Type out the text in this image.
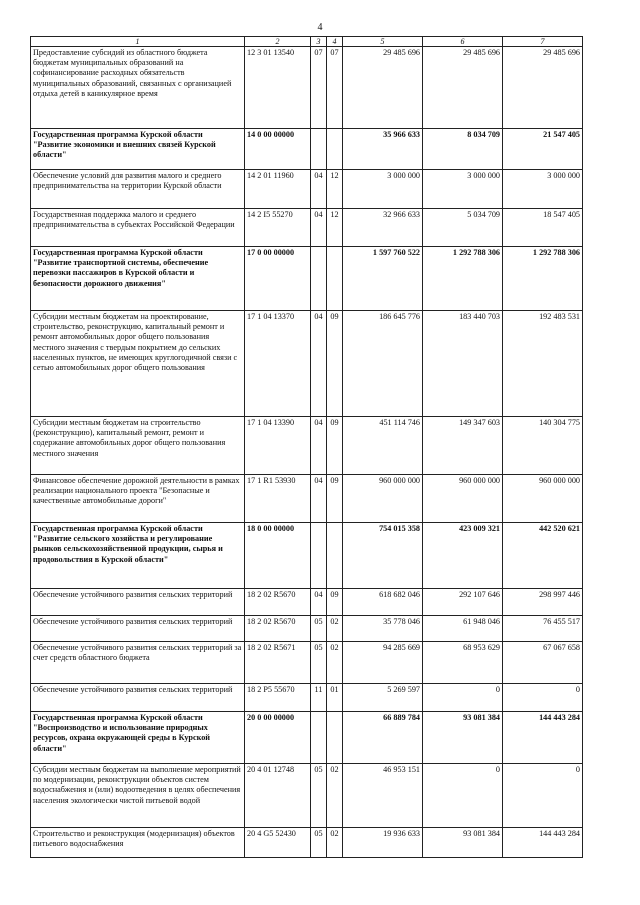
4
1	2	3	4	5	6	7
Предоставление субсидий из областного бюджета бюджетам муниципальных образований на софинансирование расходных обязательств муниципальных образований, связанных с организацией отдыха детей в каникулярное время	12 3 01 13540	07	07	29 485 696	29 485 696	29 485 696
Государственная программа Курской области "Развитие экономики и внешних связей Курской области"	14 0 00 00000			35 966 633	8 034 709	21 547 405
Обеспечение условий для развития малого и среднего предпринимательства на территории Курской области	14 2 01 11960	04	12	3 000 000	3 000 000	3 000 000
Государственная поддержка малого и среднего предпринимательства в субъектах Российской Федерации	14 2 I5 55270	04	12	32 966 633	5 034 709	18 547 405
Государственная программа Курской области "Развитие транспортной системы, обеспечение перевозки пассажиров в Курской области и безопасности дорожного движения"	17 0 00 00000			1 597 760 522	1 292 788 306	1 292 788 306
Субсидии местным бюджетам на проектирование, строительство, реконструкцию, капитальный ремонт и ремонт автомобильных дорог общего пользования местного значения с твердым покрытием до сельских населенных пунктов, не имеющих круглогодичной связи с сетью автомобильных дорог общего пользования	17 1 04 13370	04	09	186 645 776	183 440 703	192 483 531
Субсидии местным бюджетам на строительство (реконструкцию), капитальный ремонт, ремонт и содержание автомобильных дорог общего пользования местного значения	17 1 04 13390	04	09	451 114 746	149 347 603	140 304 775
Финансовое обеспечение дорожной деятельности в рамках реализации национального проекта "Безопасные и качественные автомобильные дороги"	17 1 R1 53930	04	09	960 000 000	960 000 000	960 000 000
Государственная программа Курской области "Развитие сельского хозяйства и регулирование рынков сельскохозяйственной продукции, сырья и продовольствия в Курской области"	18 0 00 00000			754 015 358	423 009 321	442 520 621
Обеспечение устойчивого развития сельских территорий	18 2 02 R5670	04	09	618 682 046	292 107 646	298 997 446
Обеспечение устойчивого развития сельских территорий	18 2 02 R5670	05	02	35 778 046	61 948 046	76 455 517
Обеспечение устойчивого развития сельских территорий за счет средств областного бюджета	18 2 02 R5671	05	02	94 285 669	68 953 629	67 067 658
Обеспечение устойчивого развития сельских территорий	18 2 P5 55670	11	01	5 269 597	0	0
Государственная программа Курской области "Воспроизводство и использование природных ресурсов, охрана окружающей среды в Курской области"	20 0 00 00000			66 889 784	93 081 384	144 443 284
Субсидии местным бюджетам на выполнение мероприятий по модернизации, реконструкции объектов систем водоснабжения и (или) водоотведения в целях обеспечения населения экологически чистой питьевой водой	20 4 01 12748	05	02	46 953 151	0	0
Строительство и реконструкция (модернизация) объектов питьевого водоснабжения	20 4 G5 52430	05	02	19 936 633	93 081 384	144 443 284
